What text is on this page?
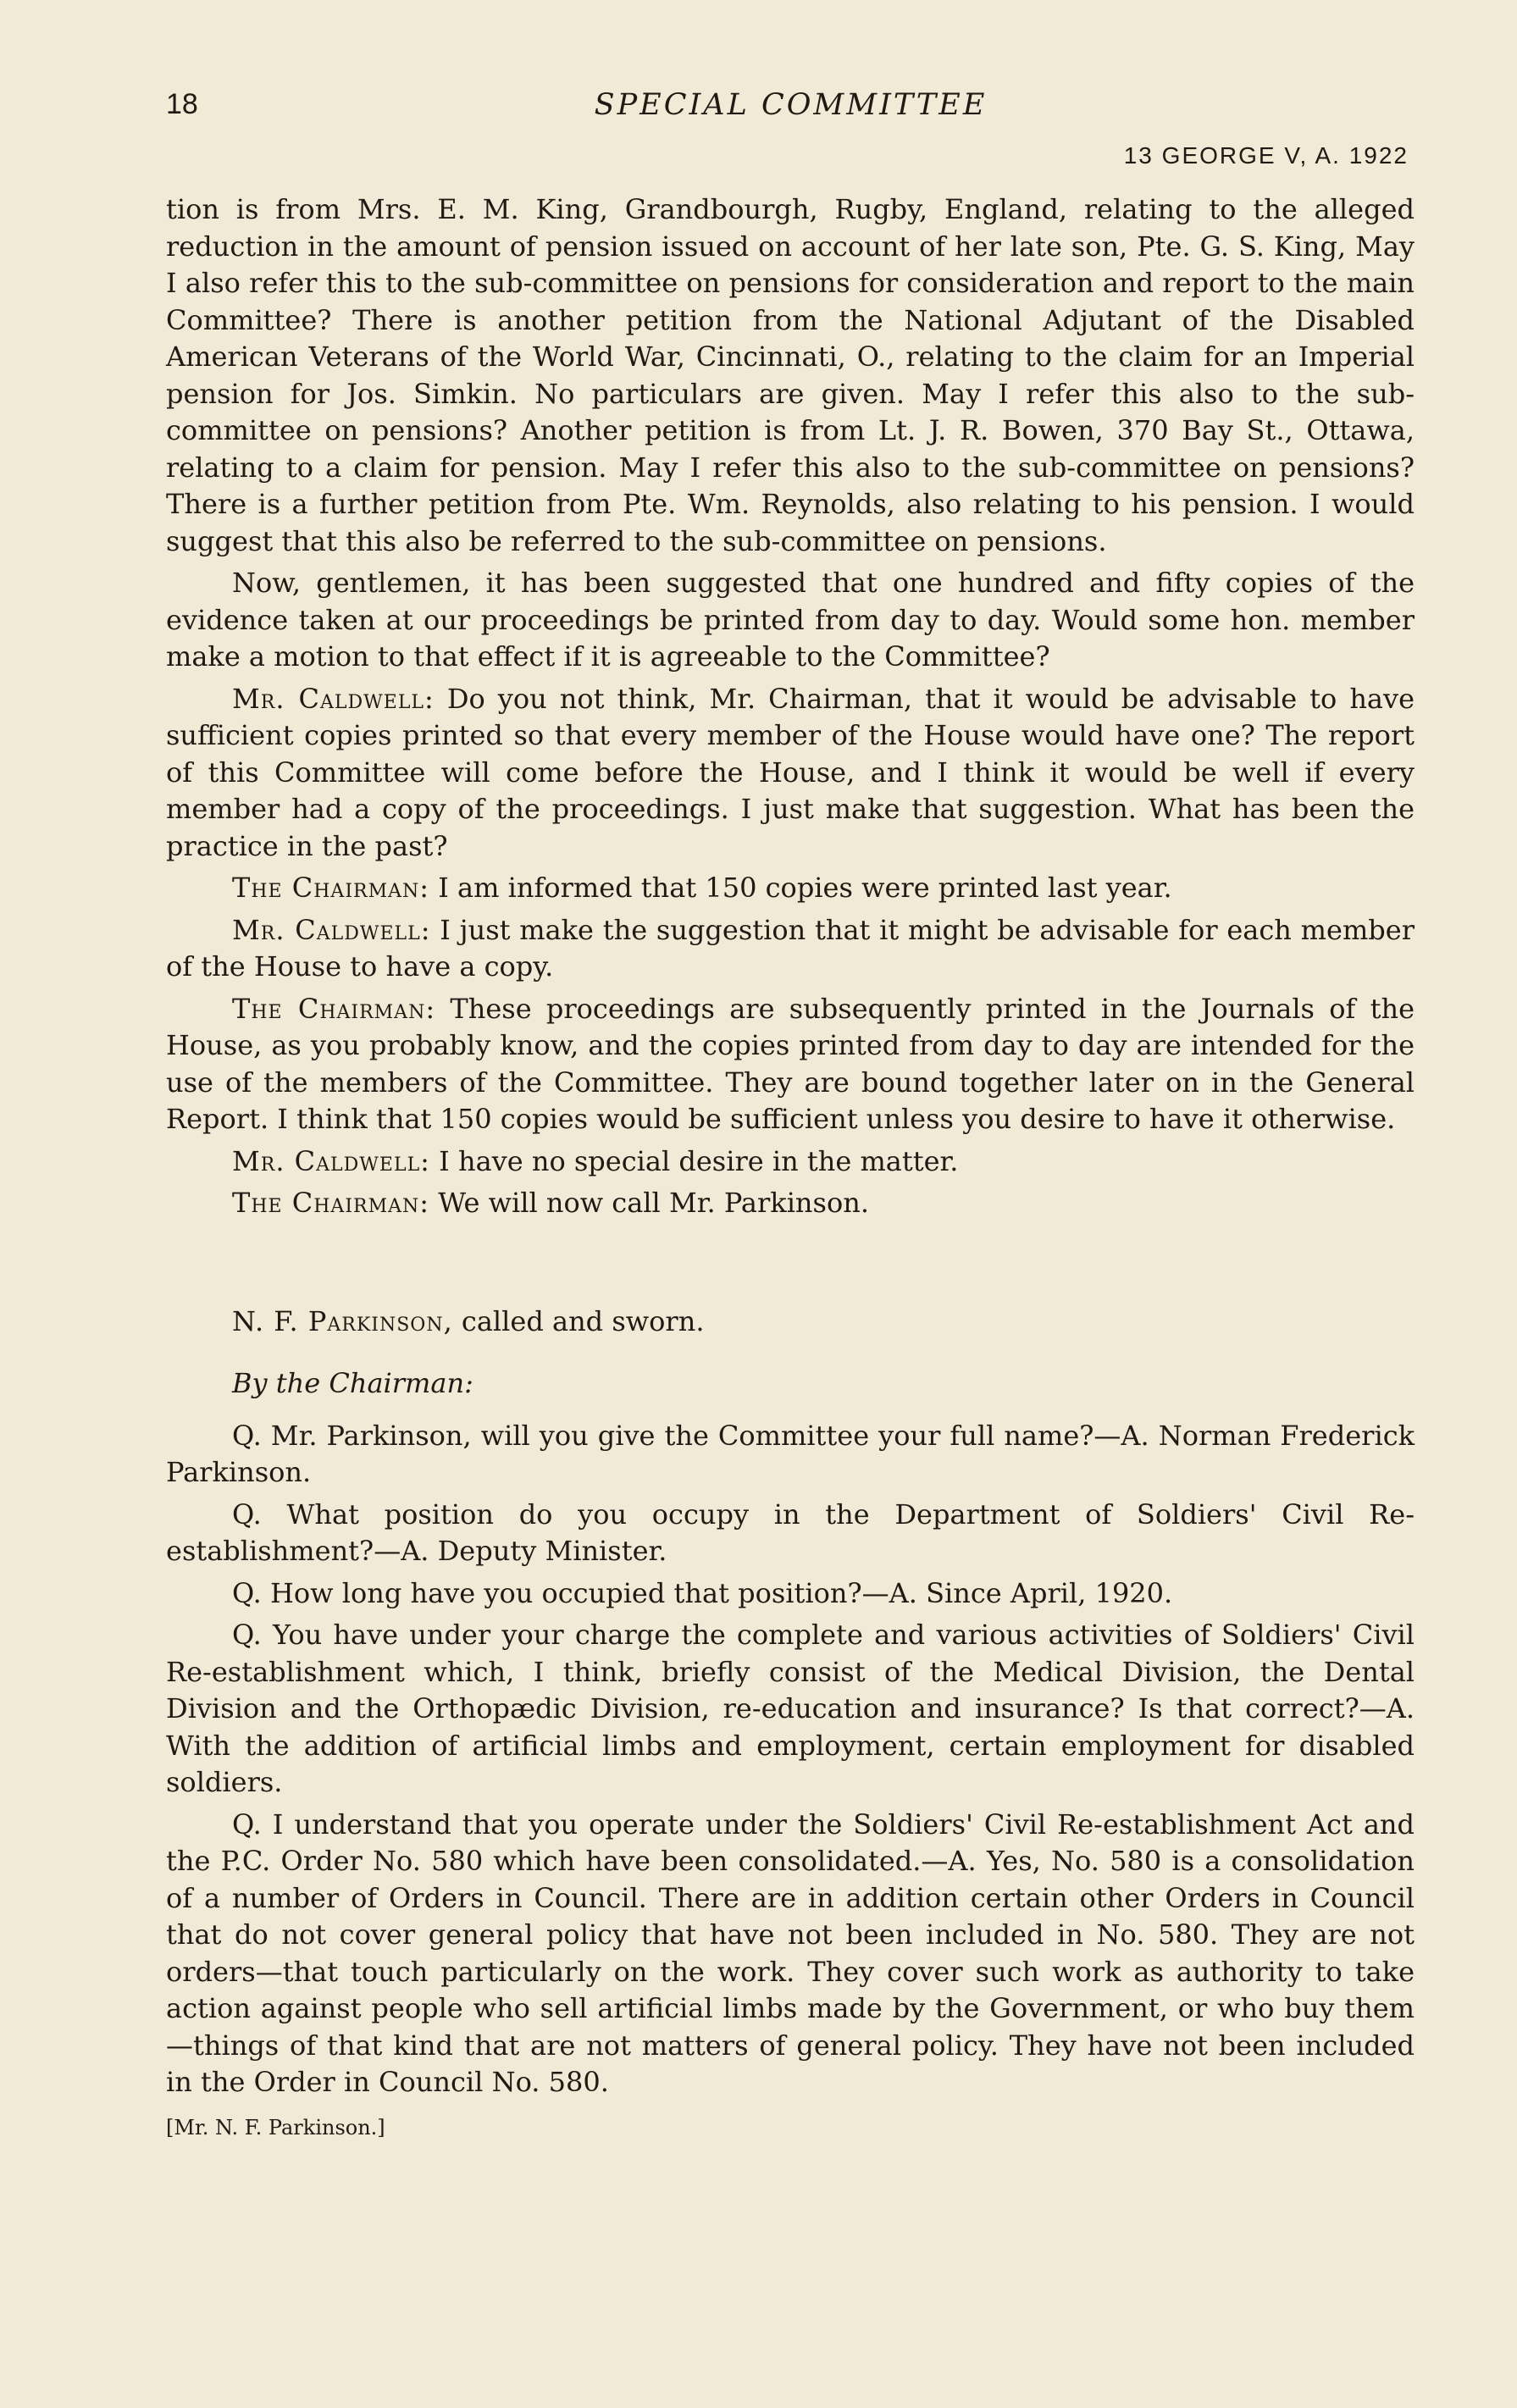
18	SPECIAL COMMITTEE
13 GEORGE V, A. 1922

tion is from Mrs. E. M. King, Grandbourgh, Rugby, England, relating to the alleged reduction in the amount of pension issued on account of her late son, Pte. G. S. King, May I also refer this to the sub-committee on pensions for consideration and report to the main Committee? There is another petition from the National Adjutant of the Disabled American Veterans of the World War, Cincinnati, O., relating to the claim for an Imperial pension for Jos. Simkin. No particulars are given. May I refer this also to the sub-committee on pensions? Another petition is from Lt. J. R. Bowen, 370 Bay St., Ottawa, relating to a claim for pension. May I refer this also to the sub-committee on pensions? There is a further petition from Pte. Wm. Reynolds, also relating to his pension. I would suggest that this also be referred to the sub-committee on pensions.

Now, gentlemen, it has been suggested that one hundred and fifty copies of the evidence taken at our proceedings be printed from day to day. Would some hon. member make a motion to that effect if it is agreeable to the Committee?

Mr. Caldwell: Do you not think, Mr. Chairman, that it would be advisable to have sufficient copies printed so that every member of the House would have one? The report of this Committee will come before the House, and I think it would be well if every member had a copy of the proceedings. I just make that suggestion. What has been the practice in the past?

The Chairman: I am informed that 150 copies were printed last year.

Mr. Caldwell: I just make the suggestion that it might be advisable for each member of the House to have a copy.

The Chairman: These proceedings are subsequently printed in the Journals of the House, as you probably know, and the copies printed from day to day are intended for the use of the members of the Committee. They are bound together later on in the General Report. I think that 150 copies would be sufficient unless you desire to have it otherwise.

Mr. Caldwell: I have no special desire in the matter.

The Chairman: We will now call Mr. Parkinson.

N. F. Parkinson, called and sworn.

By the Chairman:

Q. Mr. Parkinson, will you give the Committee your full name?—A. Norman Frederick Parkinson.

Q. What position do you occupy in the Department of Soldiers' Civil Re-establishment?—A. Deputy Minister.

Q. How long have you occupied that position?—A. Since April, 1920.

Q. You have under your charge the complete and various activities of Soldiers' Civil Re-establishment which, I think, briefly consist of the Medical Division, the Dental Division and the Orthopædic Division, re-education and insurance? Is that correct?—A. With the addition of artificial limbs and employment, certain employment for disabled soldiers.

Q. I understand that you operate under the Soldiers' Civil Re-establishment Act and the P.C. Order No. 580 which have been consolidated.—A. Yes, No. 580 is a consolidation of a number of Orders in Council. There are in addition certain other Orders in Council that do not cover general policy that have not been included in No. 580. They are not orders—that touch particularly on the work. They cover such work as authority to take action against people who sell artificial limbs made by the Government, or who buy them—things of that kind that are not matters of general policy. They have not been included in the Order in Council No. 580.

[Mr. N. F. Parkinson.]
